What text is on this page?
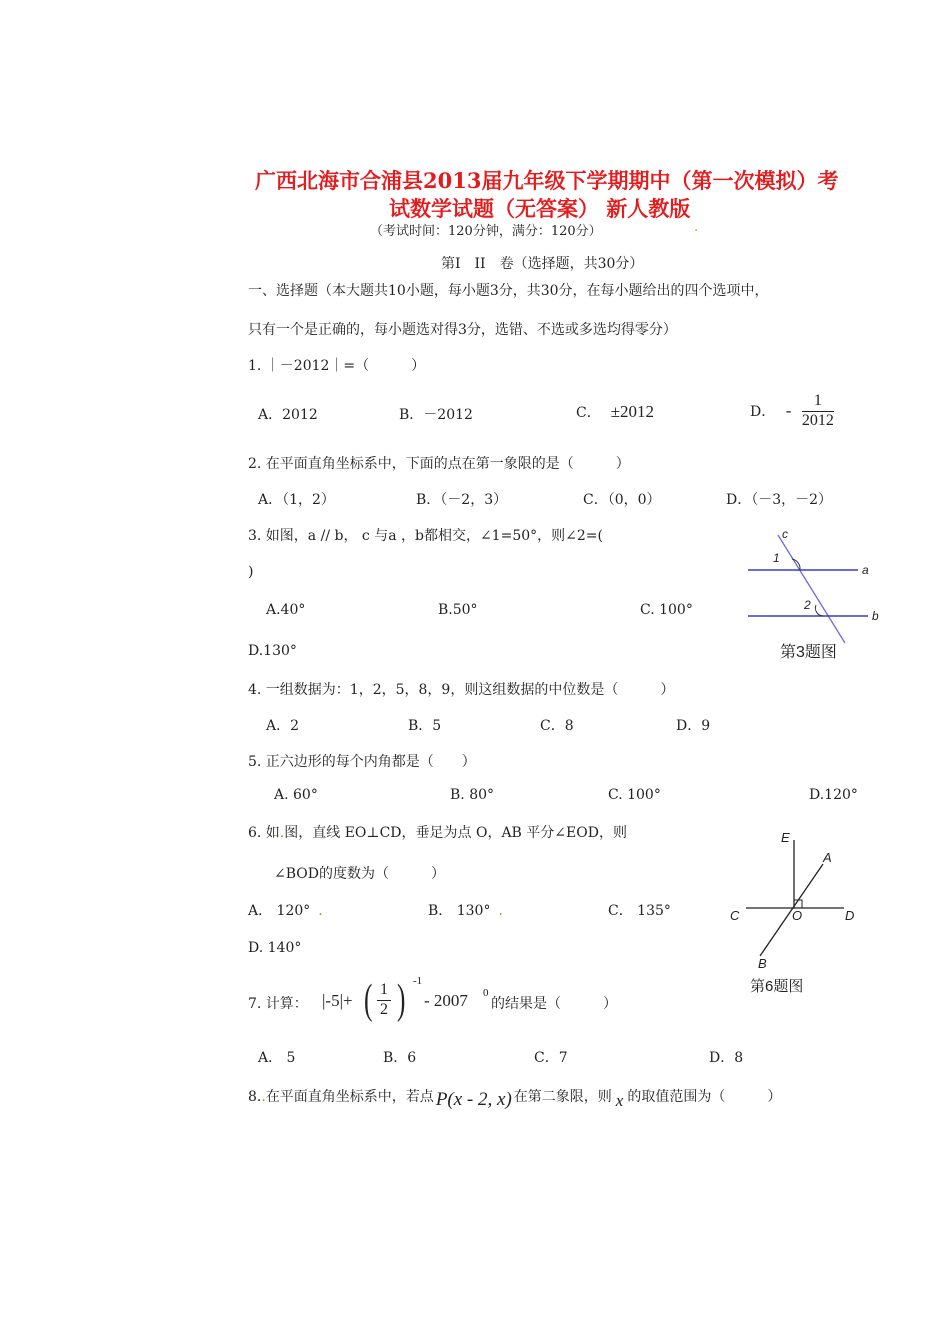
广西北海市合浦县2013届九年级下学期期中（第一次模拟）考
试数学试题（无答案） 新人教版
（考试时间：120分钟，满分：120分）	.
第I　II　卷（选择题，共30分）
一、选择题（本大题共10小题，每小题3分，共30分，在每小题给出的四个选项中，
只有一个是正确的，每小题选对得3分，选错、不选或多选均得零分）
1. ｜－2012｜=（　　　）
A．2012	B．－2012	C． ±2012	D． - $\frac{1}{2012}$
2. 在平面直角坐标系中，下面的点在第一象限的是（　　　）
A．（1，2）	B．（－2，3）	C．（0，0）	D．（－3，－2）
3. 如图，a // b， c 与a ，b都相交，∠1=50°，则∠2=(
)
A.40°	B.50°	C. 100°
D.130°
c
1
a
2
b
第3题图
4. 一组数据为：1，2，5，8，9，则这组数据的中位数是（　　　）
A．2	B．5	C．8	D．9
5. 正六边形的每个内角都是（　　）
A. 60°	B. 80°	C. 100°	D.120°
6. 如.图，直线 EO⊥CD，垂足为点 O，AB 平分∠EOD，则
∠BOD的度数为（　　　）
A． 120° .	B． 130° .	C． 135°
D. 140°
E
A
C	O	D
B
第6题图
7. 计算： |-5|+ ( $\frac{1}{2}$ ) -1
- 2007 0
的结果是（　　　）
A． 5	B．6	C．7	D．8
8..在平面直角坐标系中，若点 P(x - 2, x) 在第二象限，则 x 的取值范围为（　　　）
